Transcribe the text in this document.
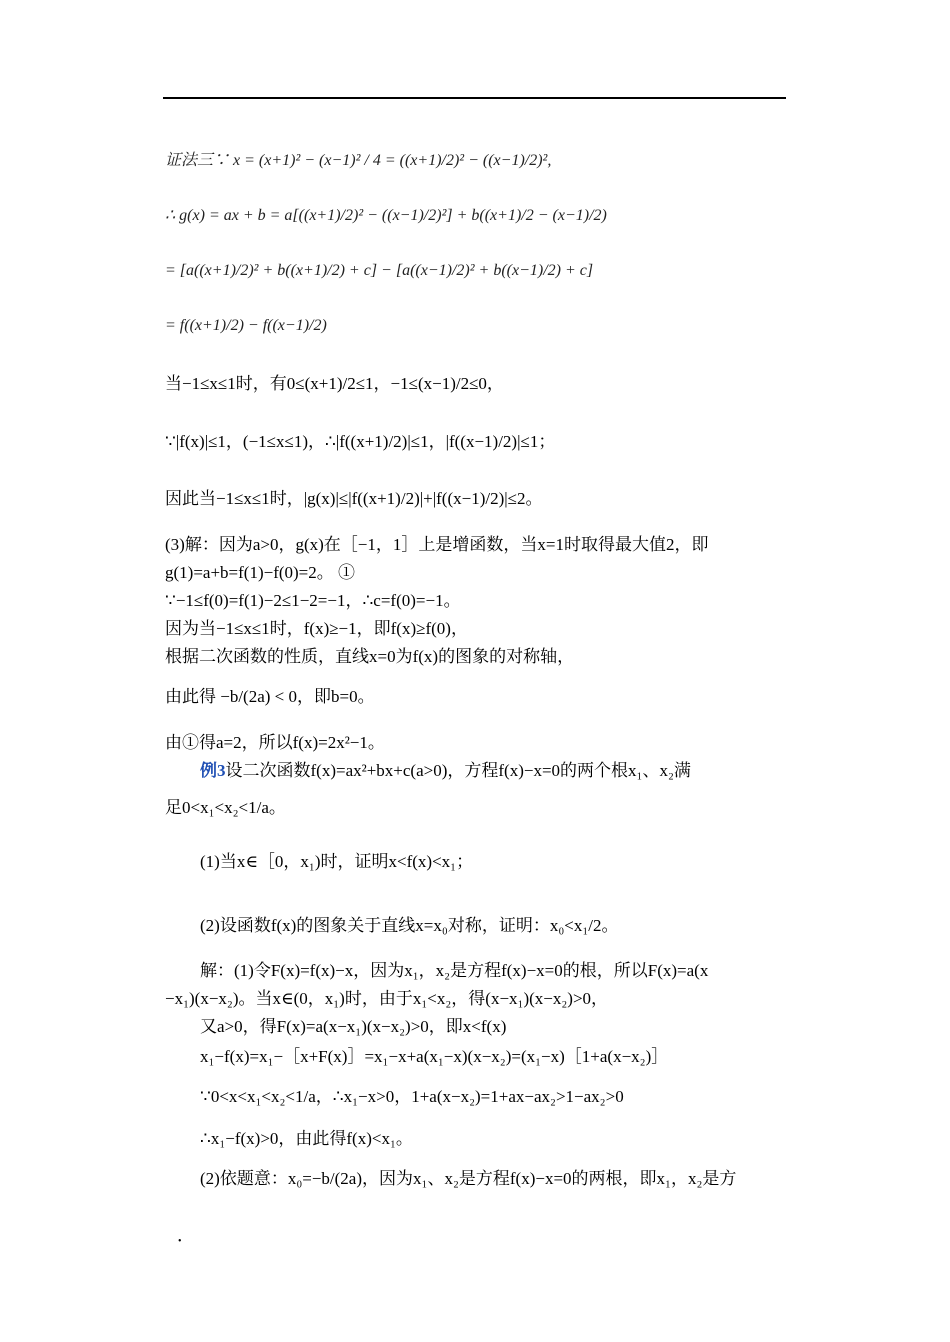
证法三∵ x = (x+1)² − (x−1)² / 4 = ((x+1)/2)² − ((x−1)/2)²,
∴ g(x) = ax + b = a[((x+1)/2)² − ((x−1)/2)²] + b((x+1)/2 − (x−1)/2)
= [a((x+1)/2)² + b((x+1)/2) + c] − [a((x−1)/2)² + b((x−1)/2) + c]
= f((x+1)/2) − f((x−1)/2)
当−1≤x≤1时，有0≤(x+1)/2≤1，−1≤(x−1)/2≤0，
∵|f(x)|≤1，(−1≤x≤1)，∴|f((x+1)/2)|≤1，|f((x−1)/2)|≤1；
因此当−1≤x≤1时，|g(x)|≤|f((x+1)/2)|+|f((x−1)/2)|≤2。
(3)解：因为a>0，g(x)在［−1，1］上是增函数，当x=1时取得最大值2，即
g(1)=a+b=f(1)−f(0)=2。 ①
∵−1≤f(0)=f(1)−2≤1−2=−1，∴c=f(0)=−1。
因为当−1≤x≤1时，f(x)≥−1，即f(x)≥f(0)，
根据二次函数的性质，直线x=0为f(x)的图象的对称轴，
由此得 −b/(2a) < 0，即b=0。
由①得a=2，所以f(x)=2x²−1。
例3设二次函数f(x)=ax²+bx+c(a>0)，方程f(x)−x=0的两个根x₁、x₂满
足0<x₁<x₂<1/a。
(1)当x∈［0，x₁)时，证明x<f(x)<x₁；
(2)设函数f(x)的图象关于直线x=x₀对称，证明：x₀<x₁/2。
解：(1)令F(x)=f(x)−x，因为x₁，x₂是方程f(x)−x=0的根，所以F(x)=a(x
−x₁)(x−x₂)。当x∈(0，x₁)时，由于x₁<x₂，得(x−x₁)(x−x₂)>0，
又a>0，得F(x)=a(x−x₁)(x−x₂)>0，即x<f(x)
x₁−f(x)=x₁−［x+F(x)］=x₁−x+a(x₁−x)(x−x₂)=(x₁−x)［1+a(x−x₂)］
∵0<x<x₁<x₂<1/a，∴x₁−x>0，1+a(x−x₂)=1+ax−ax₂>1−ax₂>0
∴x₁−f(x)>0，由此得f(x)<x₁。
(2)依题意：x₀=−b/(2a)，因为x₁、x₂是方程f(x)−x=0的两根，即x₁，x₂是方
•
